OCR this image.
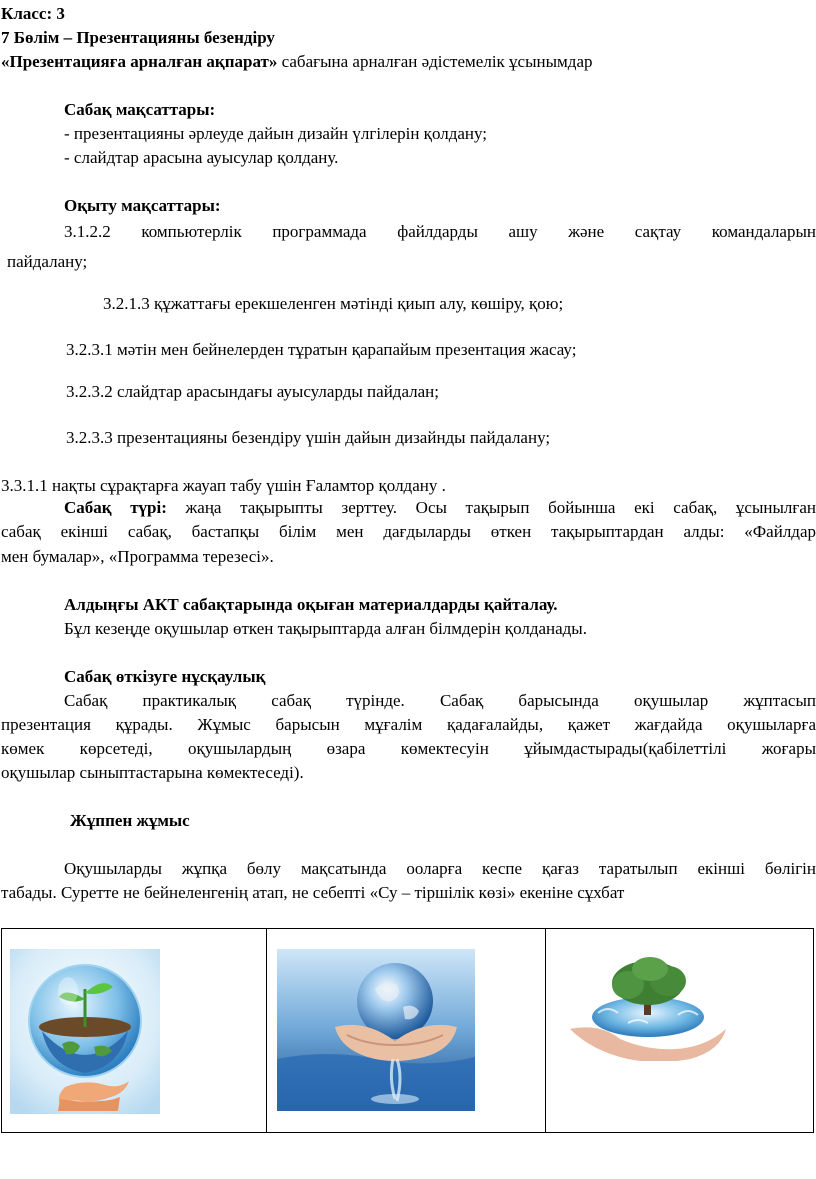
Класс: 3
7 Бөлім – Презентацияны безендіру
«Презентацияға арналған ақпарат» сабағына арналған әдістемелік ұсынымдар
Сабақ мақсаттары:
- презентацияны әрлеуде дайын дизайн үлгілерін қолдану;
- слайдтар арасына ауысулар қолдану.
Оқыту мақсаттары:
3.1.2.2 компьютерлік программада файлдарды ашу және сақтау командаларын
пайдалану;
3.2.1.3 құжаттағы ерекшеленген мәтінді қиып алу, көшіру, қою;
3.2.3.1 мәтін мен бейнелерден тұратын қарапайым презентация жасау;
3.2.3.2 слайдтар арасындағы ауысуларды пайдалан;
3.2.3.3 презентацияны безендіру үшін дайын дизайнды пайдалану;
3.3.1.1 нақты сұрақтарға жауап табу үшін Ғаламтор қолдану .
Сабақ түрі: жаңа тақырыпты зерттеу. Осы тақырып бойынша екі сабақ, ұсынылған
сабақ екінші сабақ, бастапқы білім мен дағдыларды өткен тақырыптардан алды: «Файлдар
мен бумалар», «Программа терезесі».
Алдыңғы АКТ сабақтарында оқыған материалдарды қайталау.
Бұл кезеңде оқушылар өткен тақырыптарда алған білмдерін қолданады.
Сабақ өткізуге нұсқаулық
Сабақ практикалық сабақ түрінде. Сабақ барысында оқушылар жұптасып
презентация құрады. Жұмыс барысын мұғалім қадағалайды, қажет жағдайда оқушыларға
көмек көрсетеді, оқушылардың өзара көмектесуін ұйымдастырады(қабілеттілі жоғары
оқушылар сыныптастарына көмектеседі).
Жұппен жұмыс
Оқушыларды жұпқа бөлу мақсатында ооларға кеспе қағаз таратылып екінші бөлігін
табады. Суретте не бейнеленгенің атап, не себепті «Су – тіршілік көзі» екеніне сұхбат
